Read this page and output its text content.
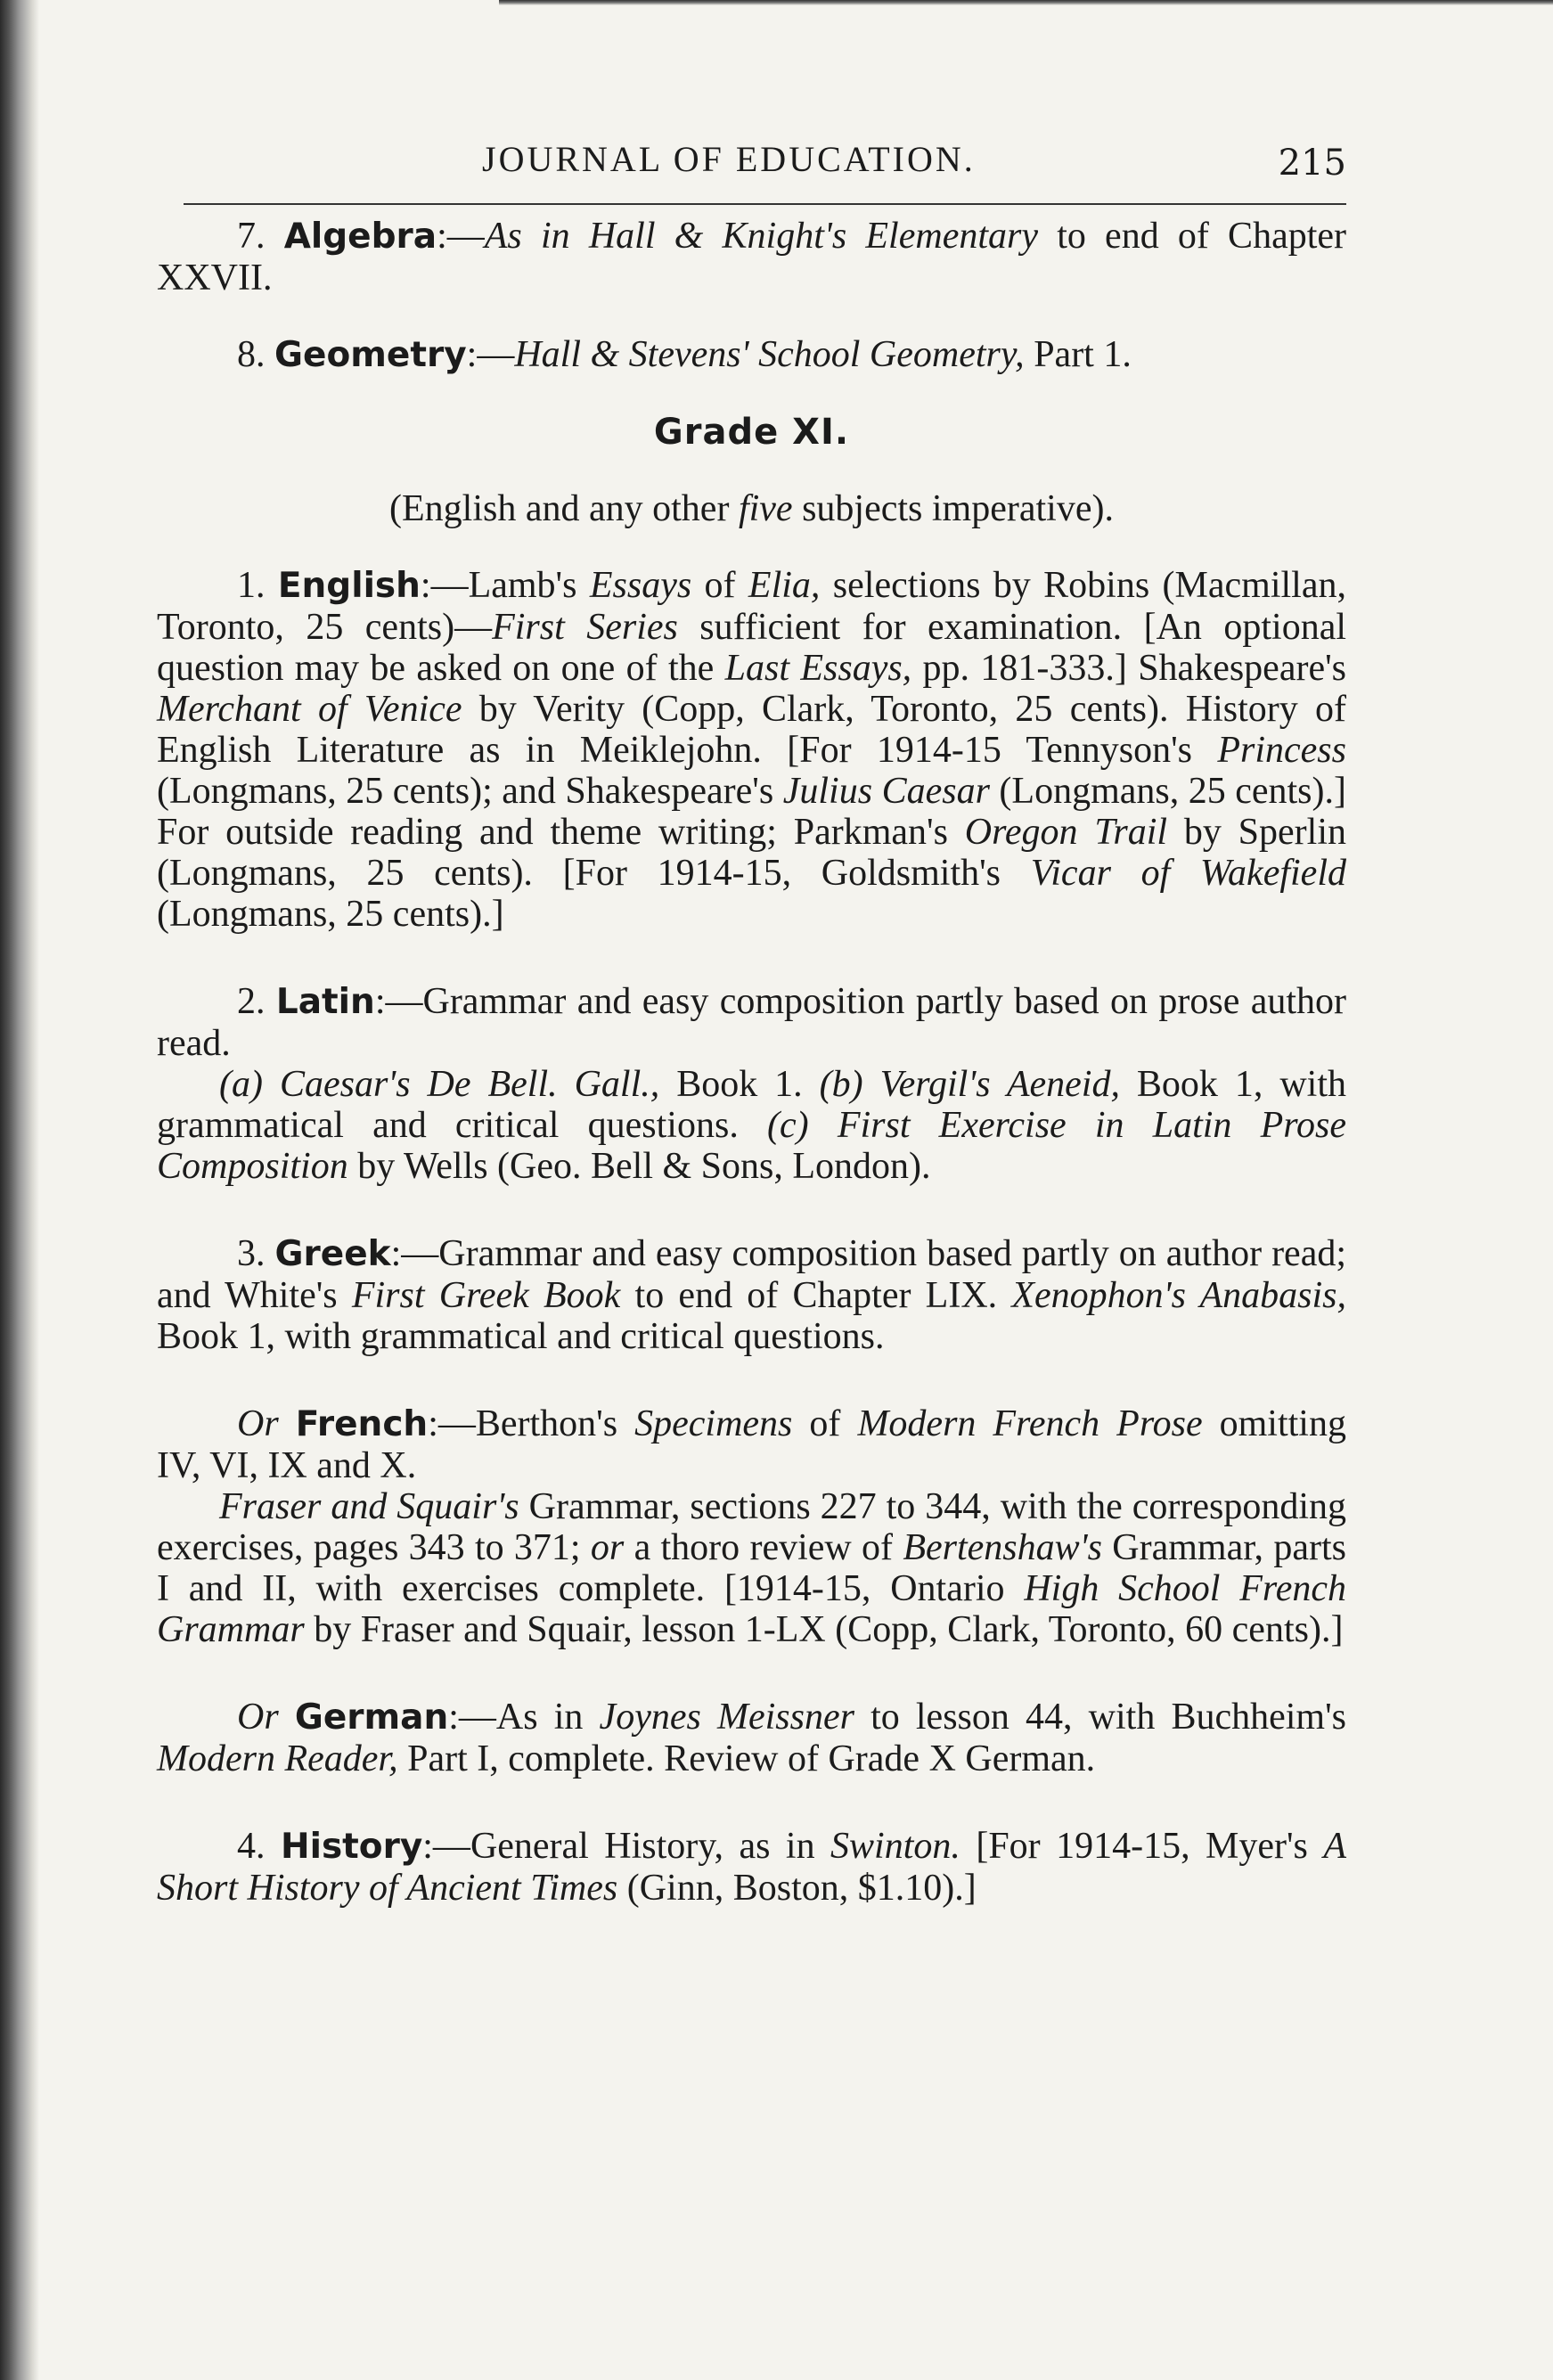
JOURNAL OF EDUCATION.	215

7. Algebra:—As in Hall & Knight's Elementary to end of Chapter XXVII.

8. Geometry:—Hall & Stevens' School Geometry, Part 1.

Grade XI.

(English and any other five subjects imperative).

1. English:—Lamb's Essays of Elia, selections by Robins (Macmillan, Toronto, 25 cents)—First Series sufficient for examination. [An optional question may be asked on one of the Last Essays, pp. 181-333.] Shakespeare's Merchant of Venice by Verity (Copp, Clark, Toronto, 25 cents). History of English Literature as in Meiklejohn. [For 1914-15 Tennyson's Princess (Longmans, 25 cents); and Shakespeare's Julius Caesar (Longmans, 25 cents).] For outside reading and theme writing; Parkman's Oregon Trail by Sperlin (Longmans, 25 cents). [For 1914-15, Goldsmith's Vicar of Wakefield (Longmans, 25 cents).]

2. Latin:—Grammar and easy composition partly based on prose author read.

(a) Caesar's De Bell. Gall., Book 1. (b) Vergil's Aeneid, Book 1, with grammatical and critical questions. (c) First Exercise in Latin Prose Composition by Wells (Geo. Bell & Sons, London).

3. Greek:—Grammar and easy composition based partly on author read; and White's First Greek Book to end of Chapter LIX. Xenophon's Anabasis, Book 1, with grammatical and critical questions.

Or French:—Berthon's Specimens of Modern French Prose omitting IV, VI, IX and X.

Fraser and Squair's Grammar, sections 227 to 344, with the corresponding exercises, pages 343 to 371; or a thoro review of Bertenshaw's Grammar, parts I and II, with exercises complete. [1914-15, Ontario High School French Grammar by Fraser and Squair, lesson 1-LX (Copp, Clark, Toronto, 60 cents).]

Or German:—As in Joynes Meissner to lesson 44, with Buchheim's Modern Reader, Part I, complete. Review of Grade X German.

4. History:—General History, as in Swinton. [For 1914-15, Myer's A Short History of Ancient Times (Ginn, Boston, $1.10).]
